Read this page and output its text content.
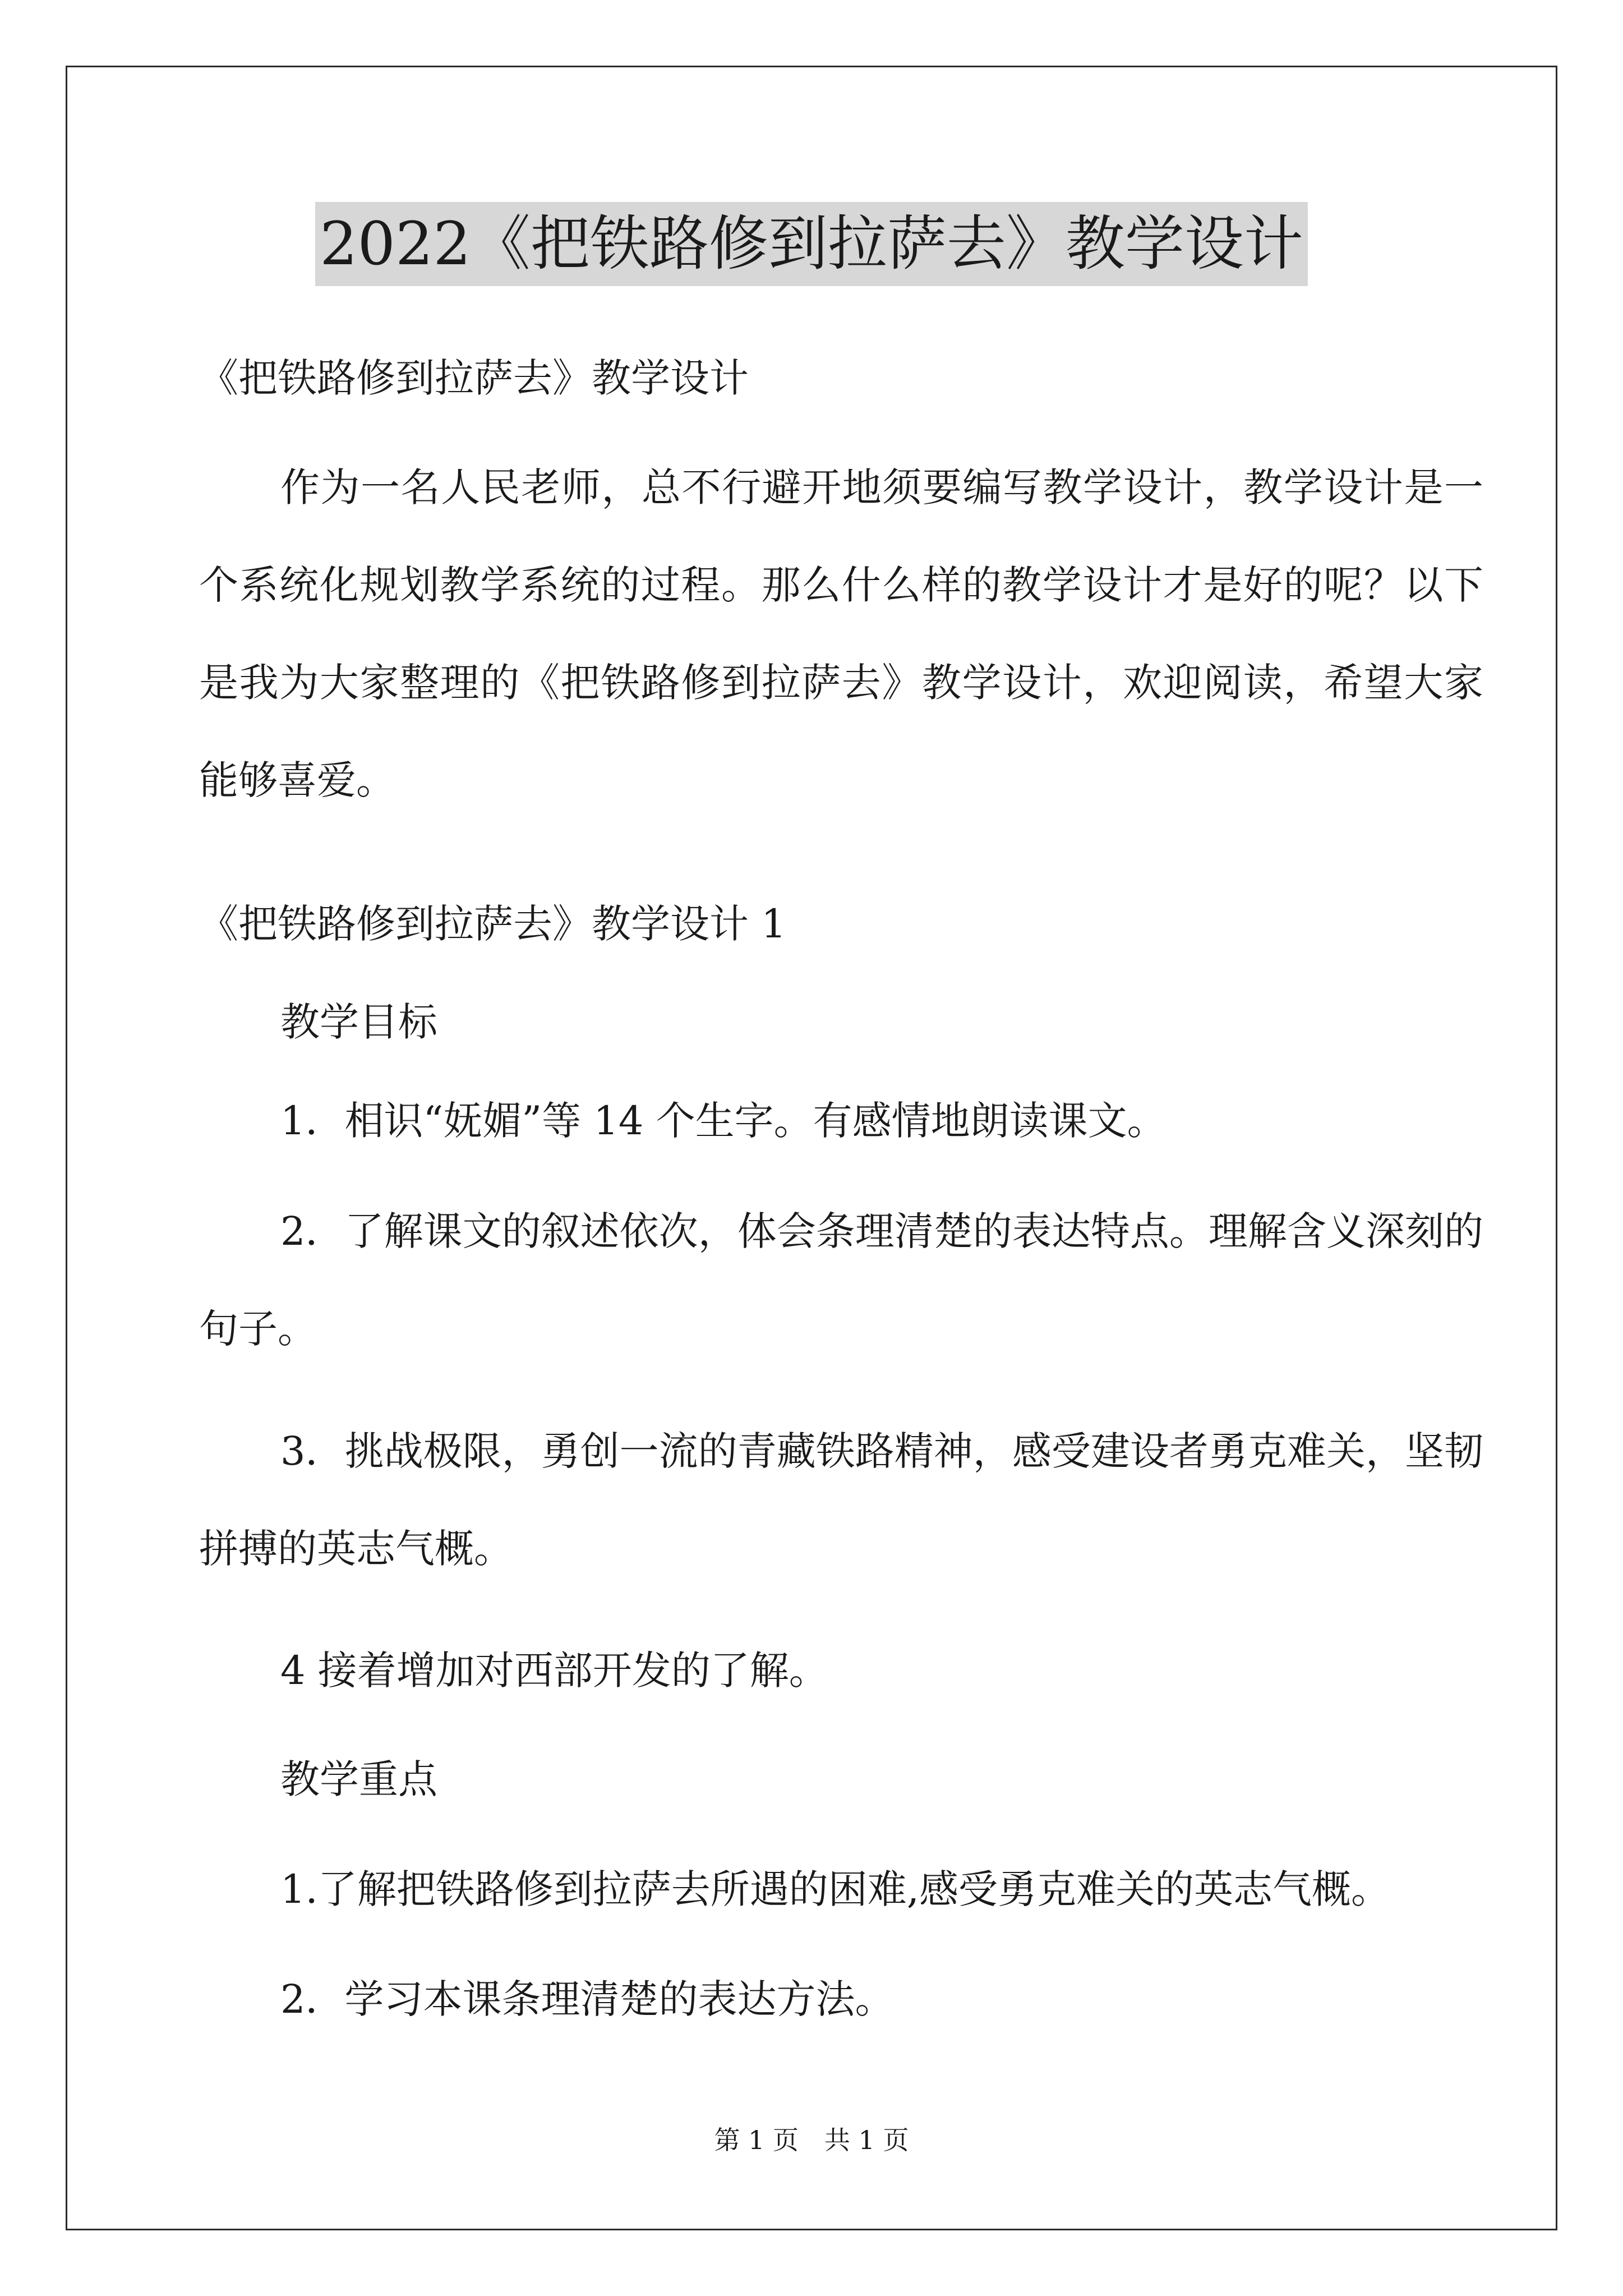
2022《把铁路修到拉萨去》教学设计

《把铁路修到拉萨去》教学设计

作为一名人民老师，总不行避开地须要编写教学设计，教学设计是一个系统化规划教学系统的过程。那么什么样的教学设计才是好的呢？以下是我为大家整理的《把铁路修到拉萨去》教学设计，欢迎阅读，希望大家能够喜爱。

《把铁路修到拉萨去》教学设计 1

教学目标

1．相识“妩媚”等 14 个生字。有感情地朗读课文。

2．了解课文的叙述依次，体会条理清楚的表达特点。理解含义深刻的句子。

3．挑战极限，勇创一流的青藏铁路精神，感受建设者勇克难关，坚韧拼搏的英志气概。

4 接着增加对西部开发的了解。

教学重点

1.了解把铁路修到拉萨去所遇的困难,感受勇克难关的英志气概。

2．学习本课条理清楚的表达方法。

第 1 页　共 1 页
